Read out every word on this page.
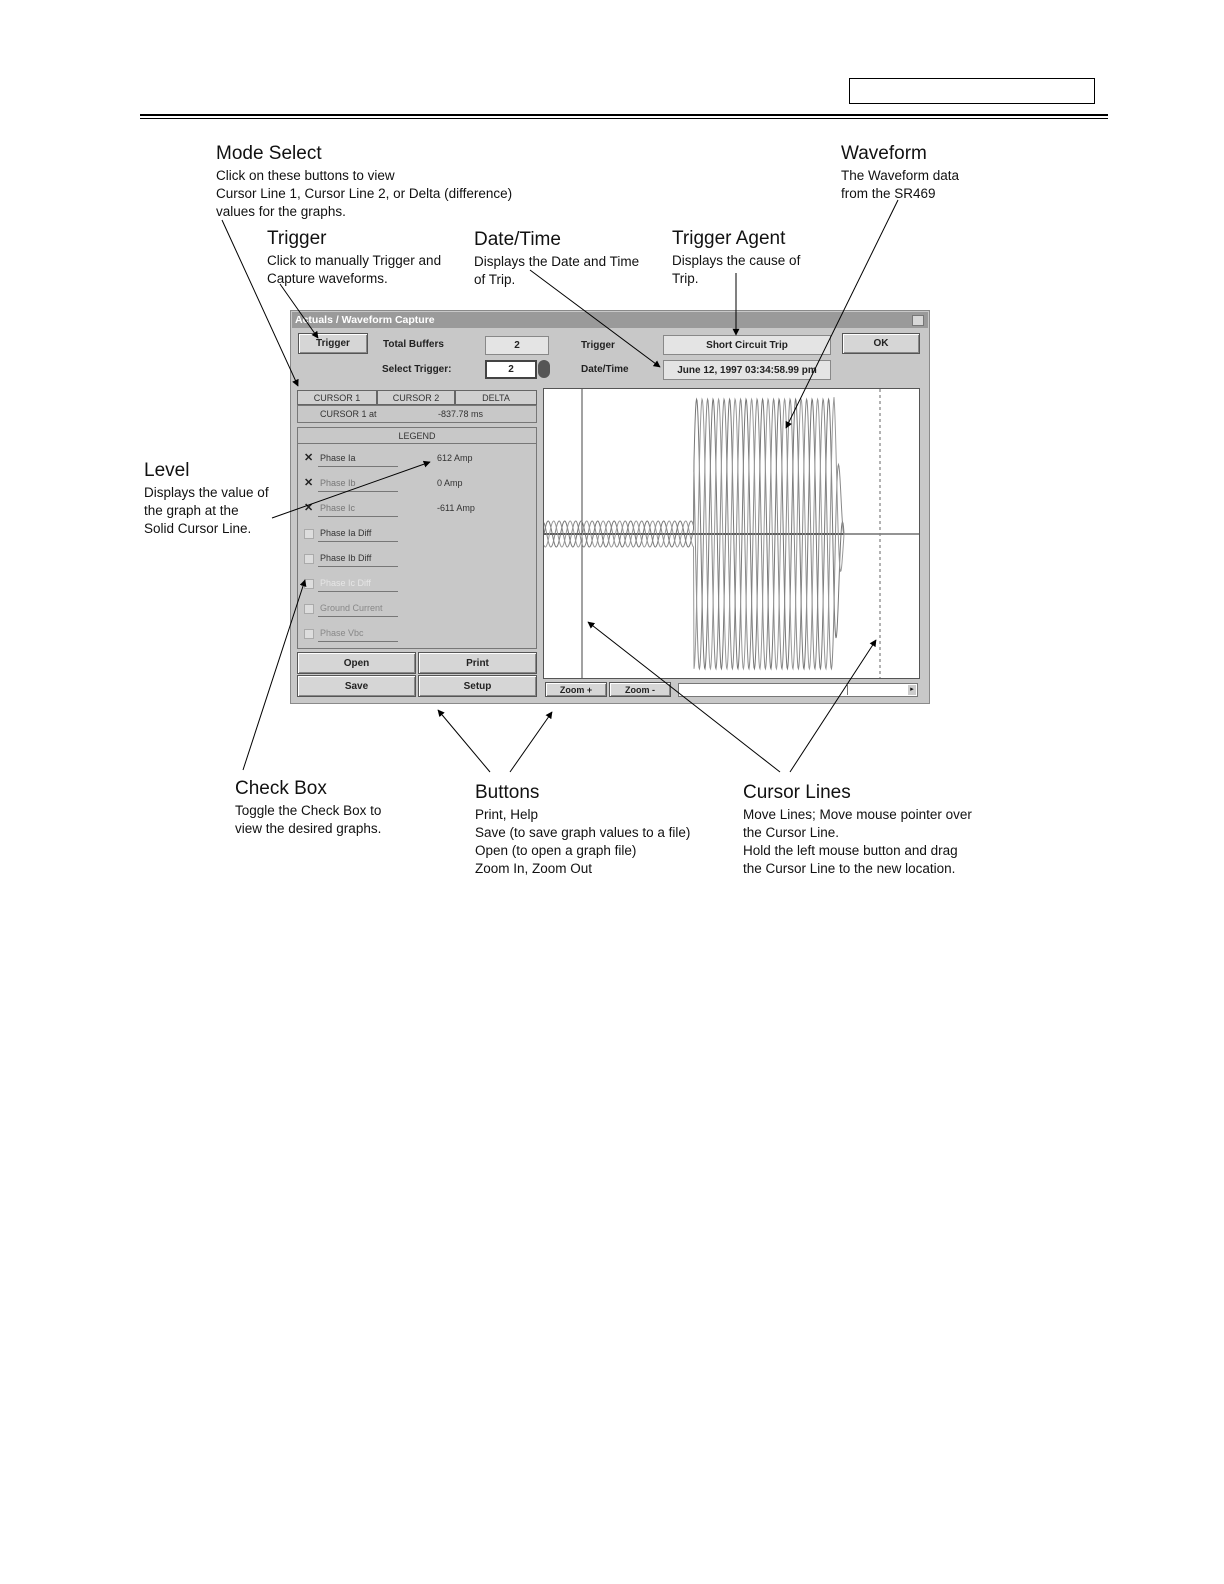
Mode Select
Click on these buttons to view
Cursor Line 1, Cursor Line 2, or Delta (difference)
values for the graphs.
Waveform
The Waveform data
from the SR469
Trigger
Click to manually Trigger and
Capture waveforms.
Date/Time
Displays the Date and Time
of Trip.
Trigger Agent
Displays the cause of
Trip.
Level
Displays the value of
the graph at the
Solid Cursor Line.
Check Box
Toggle the Check Box to
view the desired graphs.
Buttons
Print, Help
Save (to save graph values to a file)
Open (to open a graph file)
Zoom In, Zoom Out
Cursor Lines
Move Lines; Move mouse pointer over
the Cursor Line.
Hold the left mouse button and drag
the Cursor Line to the new location.
Actuals / Waveform Capture
Trigger	Total Buffers	2
Select Trigger:	2
Trigger	Short Circuit Trip
Date/Time	June 12, 1997 03:34:58.99 pm
OK
CURSOR 1	CURSOR 2	DELTA
CURSOR 1 at	-837.78 ms
LEGEND
✕ Phase Ia	612 Amp
✕ Phase Ib	0 Amp
✕ Phase Ic	-611 Amp
Phase Ia Diff
Phase Ib Diff
Phase Ic Diff
Ground Current
Phase Vbc
Open	Print
Save	Setup	Zoom +	Zoom -	▸
